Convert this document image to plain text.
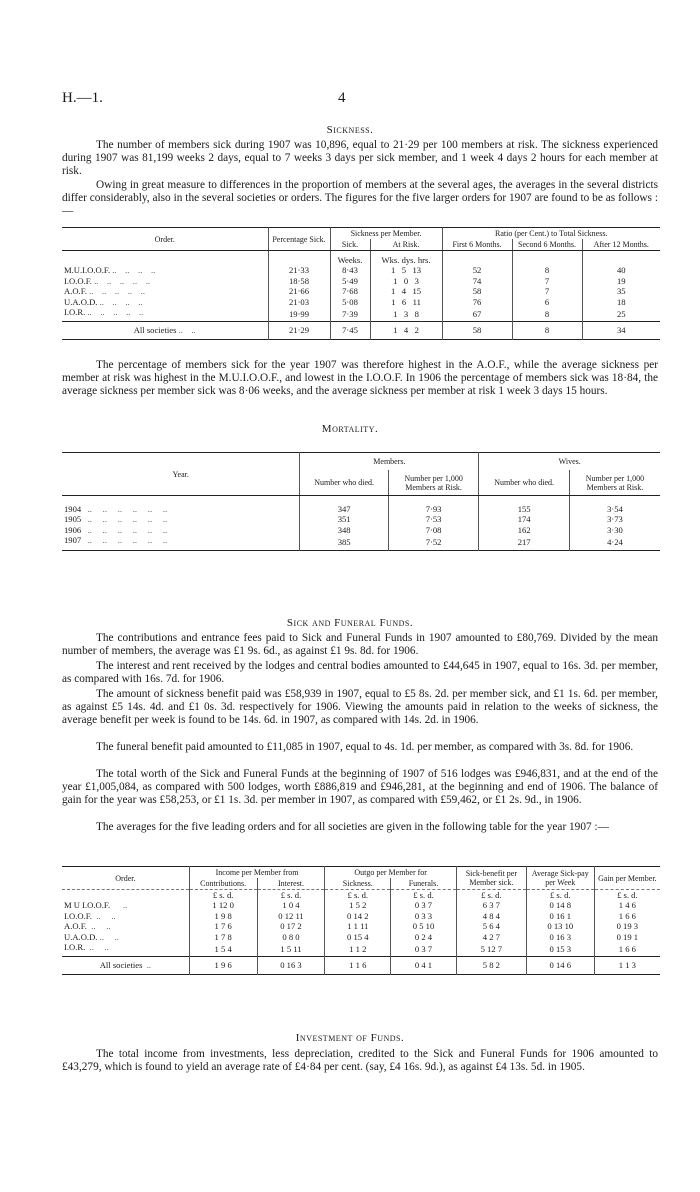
H.—1.	4
Sickness.

The number of members sick during 1907 was 10,896, equal to 21·29 per 100 members at risk. The sickness experienced during 1907 was 81,199 weeks 2 days, equal to 7 weeks 3 days per sick member, and 1 week 4 days 2 hours for each member at risk.

Owing in great measure to differences in the proportion of members at the several ages, the averages in the several districts differ considerably, also in the several societies or orders. The figures for the five larger orders for 1907 are found to be as follows :—

Order.	Percentage Sick.	Sickness per Member.		Ratio (per Cent.) to Total Sickness.		
		Sick.	At Risk.	First 6 Months.	Second 6 Months.	After 12 Months.
		Weeks.	Wks. dys. hrs.			
M.U.I.O.O.F. ..    ..    ..    ..	21·33	8·43	1 5 13	52	8	40
I.O.O.F. ..    ..    ..    ..    ..	18·58	5·49	1 0 3	74	7	19
A.O.F. ..    ..    ..    ..    ..	21·66	7·68	1 4 15	58	7	35
U.A.O.D. ..    ..    ..    ..	21·03	5·08	1 6 11	76	6	18
I.O.R. ..    ..    ..    ..    ..	19·99	7·39	1 3 8	67	8	25
All societies ..    ..	21·29	7·45	1 4 2	58	8	34

The percentage of members sick for the year 1907 was therefore highest in the A.O.F., while the average sickness per member at risk was highest in the M.U.I.O.O.F., and lowest in the I.O.O.F. In 1906 the percentage of members sick was 18·84, the average sickness per member sick was 8·06 weeks, and the average sickness per member at risk 1 week 3 days 15 hours.

Mortality.
Year.	Members.		Wives.	
	Number who died.	Number per 1,000 Members at Risk.	Number who died.	Number per 1,000 Members at Risk.
1904   ..     ..     ..     ..     ..     ..	347	7·93	155	3·54
1905   ..     ..     ..     ..     ..     ..	351	7·53	174	3·73
1906   ..     ..     ..     ..     ..     ..	348	7·08	162	3·30
1907   ..     ..     ..     ..     ..     ..	385	7·52	217	4·24
Sick and Funeral Funds.

The contributions and entrance fees paid to Sick and Funeral Funds in 1907 amounted to £80,769. Divided by the mean number of members, the average was £1 9s. 6d., as against £1 9s. 8d. for 1906.

The interest and rent received by the lodges and central bodies amounted to £44,645 in 1907, equal to 16s. 3d. per member, as compared with 16s. 7d. for 1906.

The amount of sickness benefit paid was £58,939 in 1907, equal to £5 8s. 2d. per member sick, and £1 1s. 6d. per member, as against £5 14s. 4d. and £1 0s. 3d. respectively for 1906. Viewing the amounts paid in relation to the weeks of sickness, the average benefit per week is found to be 14s. 6d. in 1907, as compared with 14s. 2d. in 1906.

The funeral benefit paid amounted to £11,085 in 1907, equal to 4s. 1d. per member, as compared with 3s. 8d. for 1906.

The total worth of the Sick and Funeral Funds at the beginning of 1907 of 516 lodges was £946,831, and at the end of the year £1,005,084, as compared with 500 lodges, worth £886,819 and £946,281, at the beginning and end of 1906. The balance of gain for the year was £58,253, or £1 1s. 3d. per member in 1907, as compared with £59,462, or £1 2s. 9d., in 1906.

The averages for the five leading orders and for all societies are given in the following table for the year 1907 :—

Order.	Income per Member from		Outgo per Member for		Sick-benefit per Member sick.	Average Sick-pay per Week	Gain per Member.
	Contributions.	Interest.	Sickness.	Funerals.			
	£ s. d.	£ s. d.	£ s. d.	£ s. d.	£ s. d.	£ s. d.	£ s. d.
M U I.O.O.F.      ..	1 12 0	1 0 4	1 5 2	0 3 7	6 3 7	0 14 8	1 4 6
I.O.O.F.  ..     ..	1 9 8	0 12 11	0 14 2	0 3 3	4 8 4	0 16 1	1 6 6
A.O.F.  ..     ..	1 7 6	0 17 2	1 1 11	0 5 10	5 6 4	0 13 10	0 19 3
U.A.O.D. ..     ..	1 7 8	0 8 0	0 15 4	0 2 4	4 2 7	0 16 3	0 19 1
I.O.R.  ..     ..	1 5 4	1 5 11	1 1 2	0 3 7	5 12 7	0 15 3	1 6 6
All societies  ..	1 9 6	0 16 3	1 1 6	0 4 1	5 8 2	0 14 6	1 1 3
Investment of Funds.

The total income from investments, less depreciation, credited to the Sick and Funeral Funds for 1906 amounted to £43,279, which is found to yield an average rate of £4·84 per cent. (say, £4 16s. 9d.), as against £4 13s. 5d. in 1905.
